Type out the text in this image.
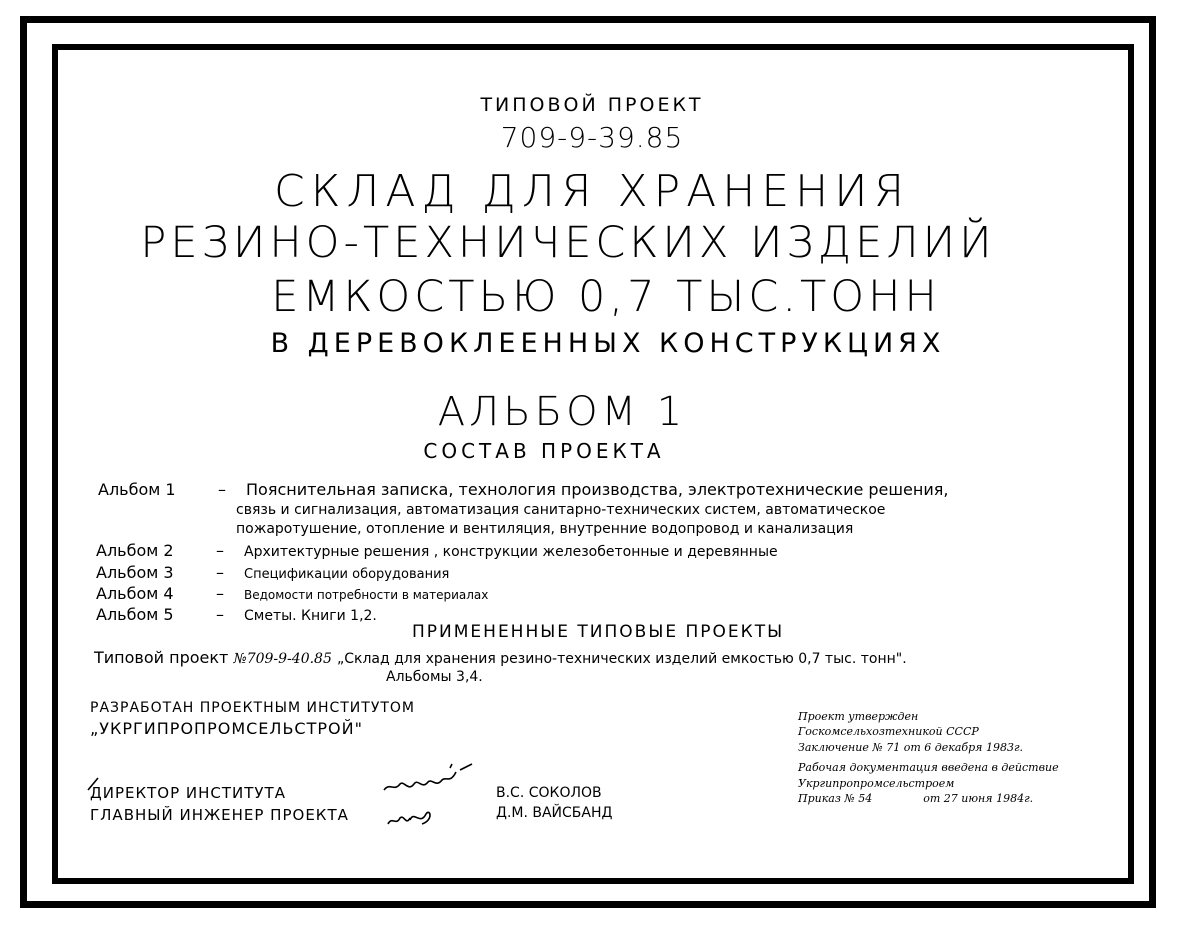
ТИПОВОЙ ПРОЕКТ
709-9-39.85
СКЛАД ДЛЯ ХРАНЕНИЯ
РЕЗИНО-ТЕХНИЧЕСКИХ ИЗДЕЛИЙ
ЕМКОСТЬЮ 0,7 ТЫС.ТОНН
В ДЕРЕВОКЛЕЕННЫХ КОНСТРУКЦИЯХ
АЛЬБОМ 1
СОСТАВ ПРОЕКТА
Альбом 1	– Пояснительная записка, технология производства, электротехнические решения,
связь и сигнализация, автоматизация санитарно-технических систем, автоматическое
пожаротушение, отопление и вентиляция, внутренние водопровод и канализация
Альбом 2	– Архитектурные решения , конструкции железобетонные и деревянные
Альбом 3	– Спецификации оборудования
Альбом 4	– Ведомости потребности в материалах
Альбом 5	– Сметы. Книги 1,2.
ПРИМЕНЕННЫЕ ТИПОВЫЕ ПРОЕКТЫ
Типовой проект №709-9-40.85 „Склад для хранения резино-технических изделий емкостью 0,7 тыс. тонн".
Альбомы 3,4.
РАЗРАБОТАН ПРОЕКТНЫМ ИНСТИТУТОМ
„УКРГИПРОПРОМСЕЛЬСТРОЙ"
Проект утвержден
Госкомсельхозтехникой СССР
Заключение № 71 от 6 декабря 1983г.
Рабочая документация введена в действие
Укргипропромсельстроем
Приказ № 54	от 27 июня 1984г.
ДИРЕКТОР ИНСТИТУТА
ГЛАВНЫЙ ИНЖЕНЕР ПРОЕКТА
В.С. СОКОЛОВ
Д.М. ВАЙСБАНД
